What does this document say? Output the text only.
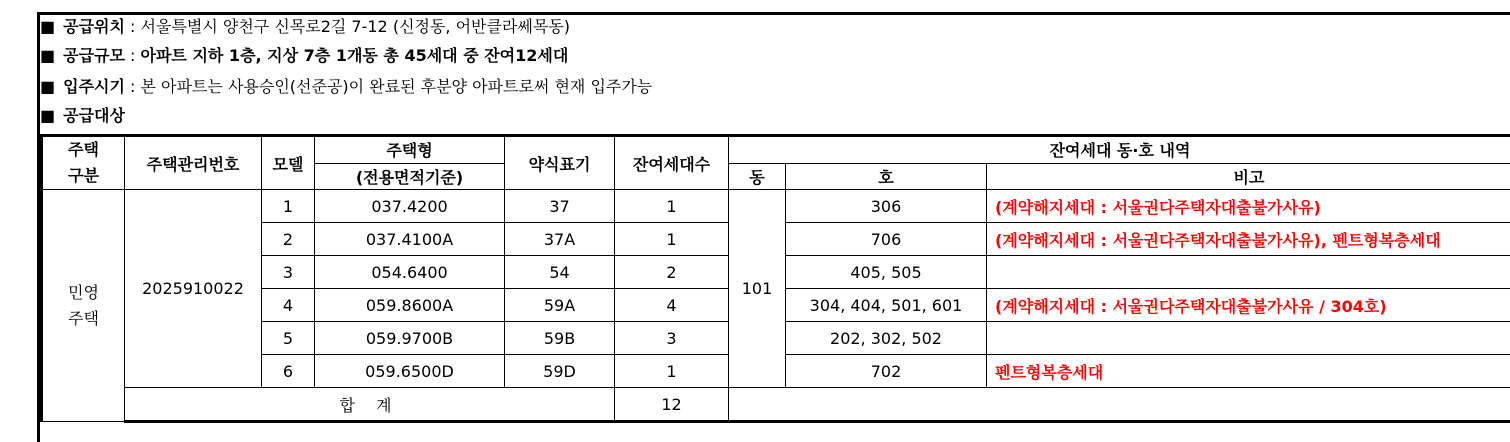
■ 공급위치 : 서울특별시 양천구 신목로2길 7-12 (신정동, 어반클라쎄목동)
■ 공급규모 : 아파트 지하 1층, 지상 7층 1개동 총 45세대 중 잔여12세대
■ 입주시기 : 본 아파트는 사용승인(선준공)이 완료된 후분양 아파트로써 현재 입주가능
■ 공급대상
주택
구분	주택관리번호	모델	주택형	약식표기	잔여세대수	잔여세대 동·호 내역		
			(전용면적기준)			동	호	비고

민영
주택	2025910022	1	037.4200	37	1	101	306	(계약해지세대 : 서울권다주택자대출불가사유)
		2	037.4100A	37A	1		706	(계약해지세대 : 서울권다주택자대출불가사유), 펜트형복층세대
		3	054.6400	54	2		405, 505	
		4	059.8600A	59A	4		304, 404, 501, 601	(계약해지세대 : 서울권다주택자대출불가사유 / 304호)
		5	059.9700B	59B	3		202, 302, 502	
		6	059.6500D	59D	1		702	펜트형복층세대
	합 계				12			
